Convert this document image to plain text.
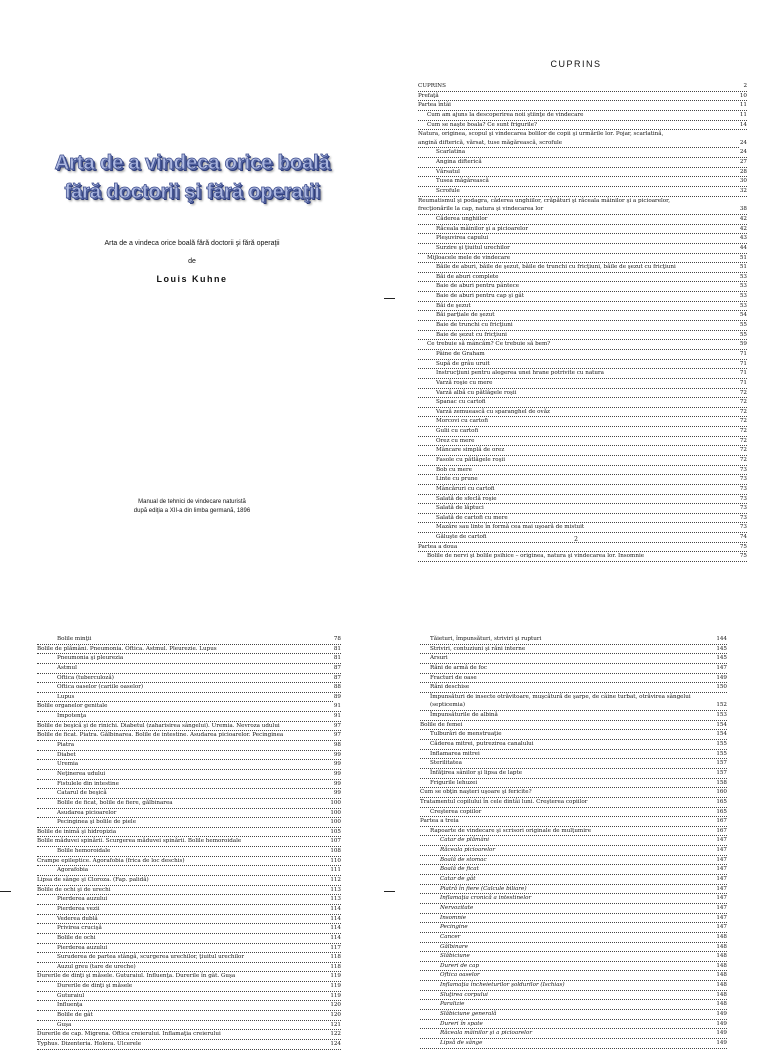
Arta de a vindeca orice boală
fără doctorii şi fără operaţii
Arta de a vindeca orice boală fără doctorii şi fără operaţii
de
Louis Kuhne
Manual de tehnici de vindecare naturistă
după ediţia a XII-a din limba germană, 1896
CUPRINS
CUPRINS	2
Prefaţă	10
Partea întâi	11
Cum am ajuns la descoperirea noii ştiinţe de vindecare	11
Cum se naşte boala? Ce sunt frigurile?	14
Natura, originea, scopul şi vindecarea bolilor de copii şi urmările lor. Pojar, scarlatină,
angină difterică, vărsat, tuse măgărească, scrofule	24
Scarlatina	24
Angina difterică	27
Vărsatul	28
Tusea măgărească	30
Scrofule	32
Reumatismul şi podagra, căderea unghiilor, crăpături şi răceala mâinilor şi a picioarelor,
frecţionările la cap, natura şi vindecarea lor	38
Căderea unghiilor	42
Răceala mâinilor şi a picioarelor	42
Pleşuvirea capului	43
Surzire şi ţiuitul urechilor	44
Mijloacele mele de vindecare	51
Băile de aburi, băile de şezut, băile de trunchi cu fricţiuni, băile de şezut cu fricţiuni	51
Băi de aburi complete	53
Baie de aburi pentru pântece	53
Baie de aburi pentru cap şi gât	53
Băi de şezut	53
Băi parţiale de şezut	54
Baie de trunchi cu fricţiuni	55
Baie de şezut cu fricţiuni	55
Ce trebuie să mâncăm? Ce trebuie să bem?	59
Pâine de Graham	71
Supă de grâu uruit	71
Instrucţiuni pentru alegerea unei hrane potrivite cu natura	71
Varză roşie cu mere	71
Varză albă cu pătlăgele roşii	72
Spanac cu cartofi	72
Varză zemuească cu sparanghel de ovăz	72
Morcovi cu cartofi	72
Gulii cu cartofi	72
Orez cu mere	72
Mâncare simplă de orez	72
Fasole cu pătlăgele roşii	72
Bob cu mere	73
Linte cu prune	73
Mâncăruri cu cartofi	73
Salată de sfeclă roşie	73
Salată de lăptuci	73
Salată de cartofi cu mere	73
Mazăre sau linte în formă cea mai uşoară de mistuit	73
Găluşte de cartofi	74
Partea a doua	75
Bolile de nervi şi bolile psihice – originea, natura şi vindecarea lor. Insomnie	75
2
Bolile minţii	78
Bolile de plămâni. Pneumonia. Oftica. Astmul. Pleurezie. Lupus	81
Pneumonia şi pleurezia	81
Astmul	87
Oftica (tuberculoză)	87
Oftica oaselor (cariile oaselor)	88
Lupus	89
Bolile organelor genitale	91
Impotenţa	91
Bolile de beşică şi de rinichi. Diabetul (zaharisirea sângelui). Uremia. Nevroza udului	97
Bolile de ficat. Piatra. Gălbinarea. Bolile de intestine. Asudarea picioarelor. Pecinginea	97
Piatra	98
Diabet	99
Uremia	99
Neţinerea udului	99
Fistulele din intestine	99
Catarul de beşică	99
Bolile de ficat, bolile de fiere, gălbinarea	100
Asudarea picioarelor	100
Pecinginea şi bolile de piele	100
Bolile de inimă şi hidropizia	105
Bolile măduvei spinării. Scurgerea măduvei spinării. Bolile hemoroidale	107
Bolile hemoroidale	108
Crampe epileptice. Agorafobia (frica de loc deschis)	110
Agorafobia	111
Lipsa de sânge şi Cloroza. (Fap. palidă)	112
Bolile de ochi şi de urechi	113
Pierderea auzului	113
Pierderea vezii	114
Vederea dublă	114
Privirea crucişă	114
Bolile de ochi	114
Pierderea auzului	117
Suruderea de partea stângă, scurgerea urechilor, ţiuitul urechilor	118
Auzul greu (tare de ureche)	118
Durerile de dinţi şi măsele. Guturaiul. Influenţa. Durerile în gât. Guşa	119
Durerile de dinţi şi măsele	119
Guturaiul	119
Influenţa	120
Bolile de gât	120
Guşa	121
Durerile de cap. Migrena. Oftica creierului. Inflamaţia creierului	122
Typhus. Dizenteria. Holera. Ulcerele	124
Tăieturi, împunsături, striviri şi rupturi	144
Striviri, contuziuni şi răni interne	145
Arsuri	145
Răni de armă de foc	147
Fracturi de oase	149
Răni deschise	150
Împunsături de insecte otrăvitoare, muşcătură de şarpe, de câine turbat, otrăvirea sângelui
(septicemia)	152
Împunsăturile de albină	153
Bolile de femei	154
Tulburări de menstruaţie	154
Căderea mitrei, putrezirea canalului	155
Inflamarea mitrei	155
Sterilitatea	157
Înfăţirea sânilor şi lipsa de lapte	157
Frigurile lehuzei	158
Cum se obţin naşteri uşoare şi fericite?	160
Tratamentul copilului în cele dintâi luni. Creşterea copiilor	165
Creşterea copiilor	165
Partea a treia	167
Rapoarte de vindecare şi scrisori originale de mulţumire	167
Catar de plămâni	147
Răceala picioarelor	147
Boală de stomac	147
Boală de ficat	147
Catar de gât	147
Piatră în fiere (Calcule biliare)	147
Inflamaţia cronică a intestinelor	147
Nervozitate	147
Insomnie	147
Pecingine	147
Cancer	148
Gălbinare	148
Slăbiciune	148
Dureri de cap	148
Oftica oaselor	148
Inflamaţia încheieturilor şoldurilor (Ischias)	148
Sluţirea corpului	148
Paralizie	148
Slăbiciune generală	149
Dureri în spate	149
Răceala mâinilor şi a picioarelor	149
Lipsă de sânge	149
